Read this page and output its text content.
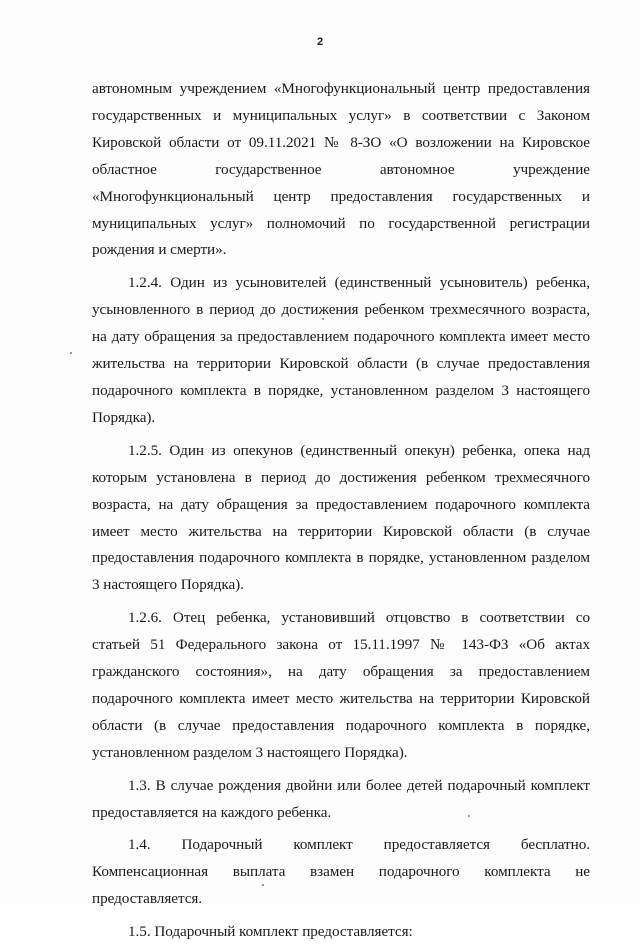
2

автономным учреждением «Многофункциональный центр предоставления государственных и муниципальных услуг» в соответствии с Законом Кировской области от 09.11.2021 № 8-ЗО «О возложении на Кировское областное государственное автономное учреждение «Многофункциональный центр предоставления государственных и муниципальных услуг» полномочий по государственной регистрации рождения и смерти».

1.2.4. Один из усыновителей (единственный усыновитель) ребенка, усыновленного в период до достижения ребенком трехмесячного возраста, на дату обращения за предоставлением подарочного комплекта имеет место жительства на территории Кировской области (в случае предоставления подарочного комплекта в порядке, установленном разделом 3 настоящего Порядка).

1.2.5. Один из опекунов (единственный опекун) ребенка, опека над которым установлена в период до достижения ребенком трехмесячного возраста, на дату обращения за предоставлением подарочного комплекта имеет место жительства на территории Кировской области (в случае предоставления подарочного комплекта в порядке, установленном разделом 3 настоящего Порядка).

1.2.6. Отец ребенка, установивший отцовство в соответствии со статьей 51 Федерального закона от 15.11.1997 № 143-ФЗ «Об актах гражданского состояния», на дату обращения за предоставлением подарочного комплекта имеет место жительства на территории Кировской области (в случае предоставления подарочного комплекта в порядке, установленном разделом 3 настоящего Порядка).

1.3. В случае рождения двойни или более детей подарочный комплект предоставляется на каждого ребенка.

1.4. Подарочный комплект предоставляется бесплатно. Компенсационная выплата взамен подарочного комплекта не предоставляется.

1.5. Подарочный комплект предоставляется:
